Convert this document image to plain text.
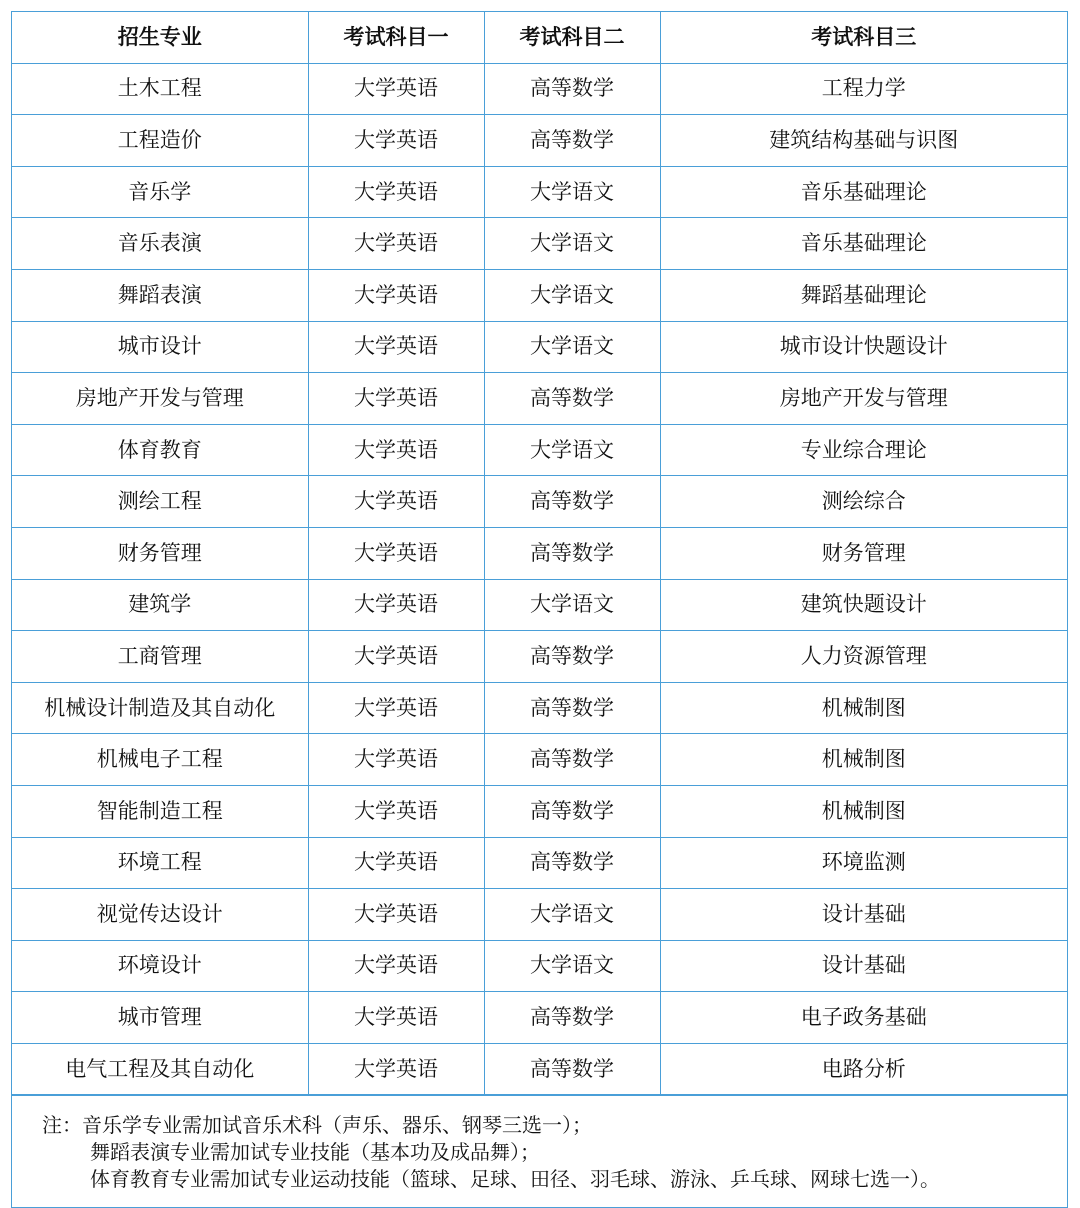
招生专业	考试科目一	考试科目二	考试科目三
土木工程	大学英语	高等数学	工程力学
工程造价	大学英语	高等数学	建筑结构基础与识图
音乐学	大学英语	大学语文	音乐基础理论
音乐表演	大学英语	大学语文	音乐基础理论
舞蹈表演	大学英语	大学语文	舞蹈基础理论
城市设计	大学英语	大学语文	城市设计快题设计
房地产开发与管理	大学英语	高等数学	房地产开发与管理
体育教育	大学英语	大学语文	专业综合理论
测绘工程	大学英语	高等数学	测绘综合
财务管理	大学英语	高等数学	财务管理
建筑学	大学英语	大学语文	建筑快题设计
工商管理	大学英语	高等数学	人力资源管理
机械设计制造及其自动化	大学英语	高等数学	机械制图
机械电子工程	大学英语	高等数学	机械制图
智能制造工程	大学英语	高等数学	机械制图
环境工程	大学英语	高等数学	环境监测
视觉传达设计	大学英语	大学语文	设计基础
环境设计	大学英语	大学语文	设计基础
城市管理	大学英语	高等数学	电子政务基础
电气工程及其自动化	大学英语	高等数学	电路分析
注：音乐学专业需加试音乐术科（声乐、器乐、钢琴三选一）；
舞蹈表演专业需加试专业技能（基本功及成品舞）；
体育教育专业需加试专业运动技能（篮球、足球、田径、羽毛球、游泳、乒乓球、网球七选一）。
